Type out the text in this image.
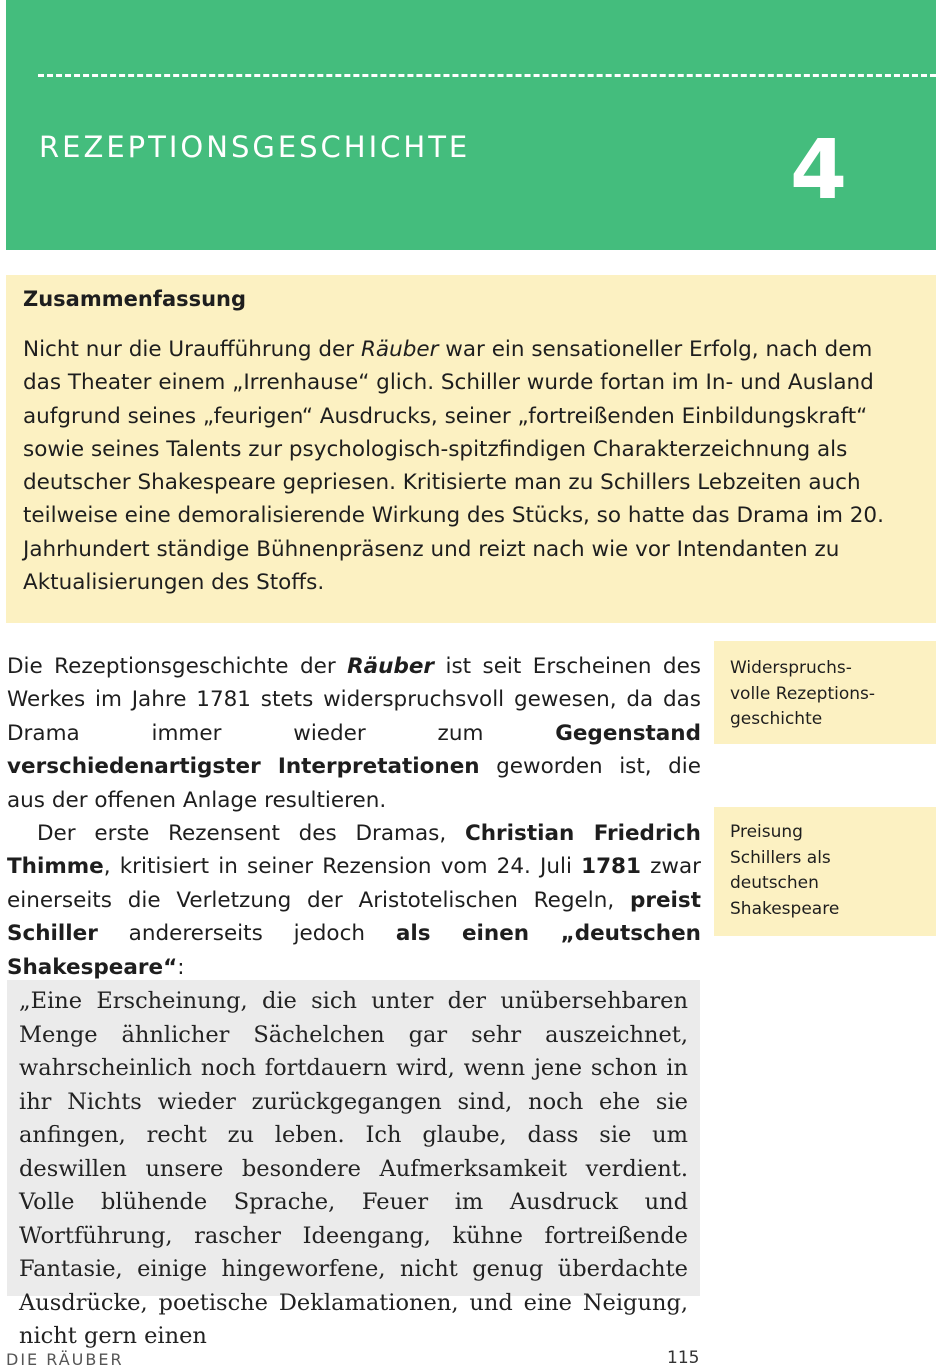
REZEPTIONSGESCHICHTE	4
Zusammenfassung
Nicht nur die Uraufführung der Räuber war ein sensationeller Erfolg, nach dem
das Theater einem „Irrenhause“ glich. Schiller wurde fortan im In- und Ausland
aufgrund seines „feurigen“ Ausdrucks, seiner „fortreißenden Einbildungskraft“
sowie seines Talents zur psychologisch-spitzfindigen Charakterzeichnung als
deutscher Shakespeare gepriesen. Kritisierte man zu Schillers Lebzeiten auch
teilweise eine demoralisierende Wirkung des Stücks, so hatte das Drama im 20.
Jahrhundert ständige Bühnenpräsenz und reizt nach wie vor Intendanten zu
Aktualisierungen des Stoffs.

Die Rezeptionsgeschichte der Räuber ist seit Erscheinen des Werkes im Jahre 1781 stets widerspruchsvoll gewesen, da das Drama immer wieder zum Gegenstand verschiedenartigster Interpretationen geworden ist, die aus der offenen Anlage resultieren.

Der erste Rezensent des Dramas, Christian Friedrich Thimme, kritisiert in seiner Rezension vom 24. Juli 1781 zwar einerseits die Verletzung der Aristotelischen Regeln, preist Schiller andererseits jedoch als einen „deutschen Shakespeare“:

Widerspruchs-
volle Rezeptions-
geschichte
Preisung
Schillers als
deutschen
Shakespeare
„Eine Erscheinung, die sich unter der unübersehbaren Menge ähnlicher Sächelchen gar sehr auszeichnet, wahrscheinlich noch fortdauern wird, wenn jene schon in ihr Nichts wieder zurückgegangen sind, noch ehe sie anfingen, recht zu leben. Ich glaube, dass sie um deswillen unsere besondere Aufmerksamkeit verdient. Volle blühende Sprache, Feuer im Ausdruck und Wortführung, rascher Ideengang, kühne fortreißende Fantasie, einige hingeworfene, nicht genug überdachte Ausdrücke, poetische Deklamationen, und eine Neigung, nicht gern einen
DIE RÄUBER	115
